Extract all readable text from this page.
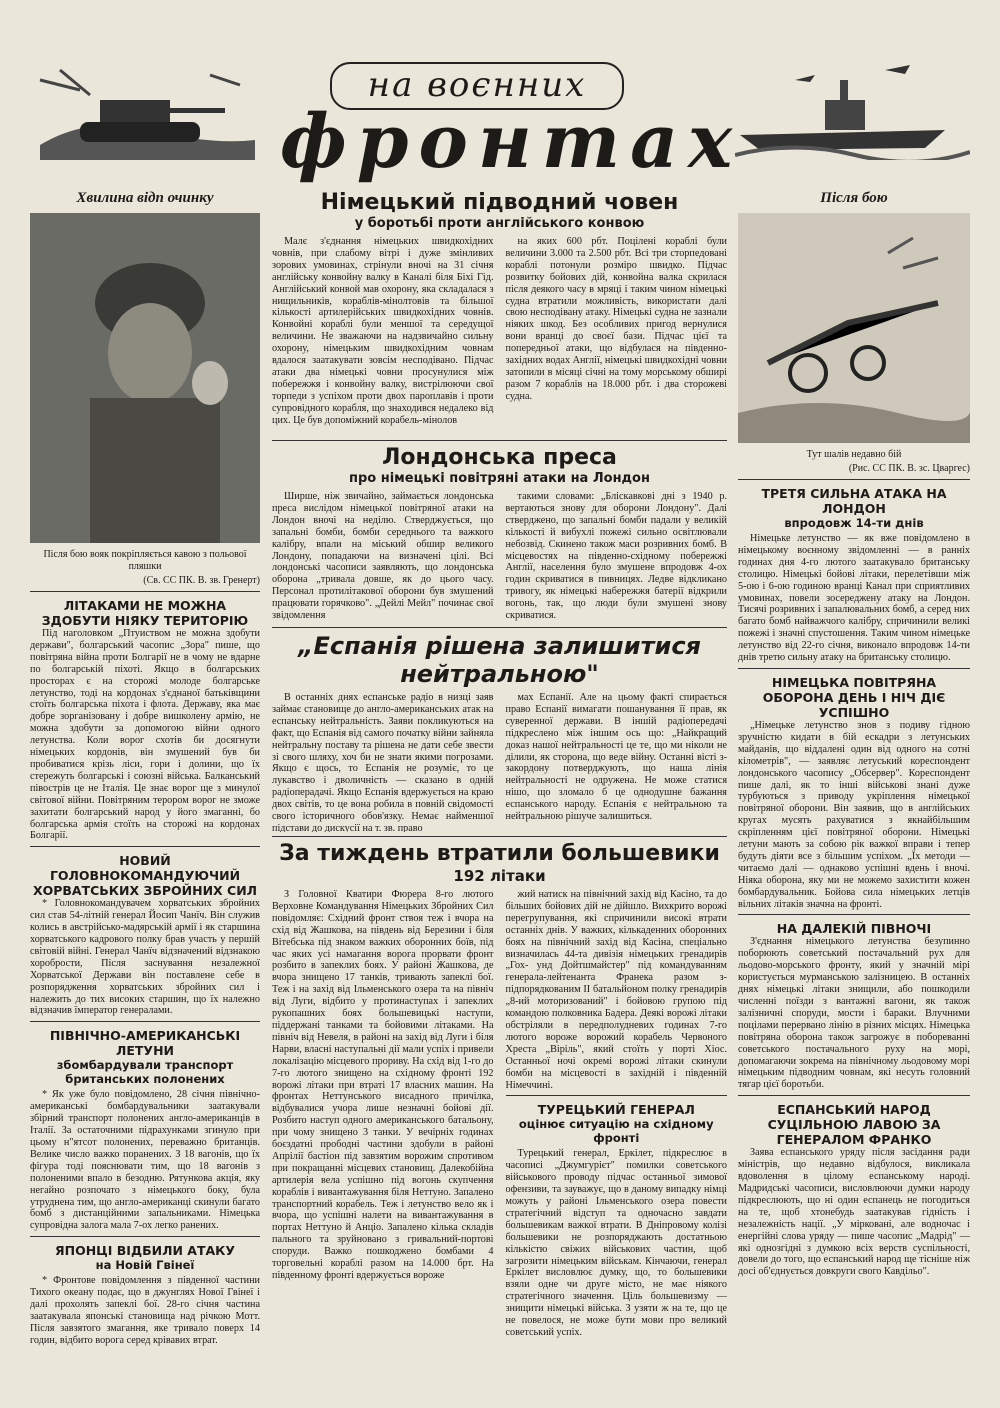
на воєнних
фронтах

Хвилина відп очинку

Після бою вояк покріпляється кавою з польової пляшки
(Св. СС ПК. В. зв. Гренерт)
ЛІТАКАМИ НЕ МОЖНА ЗДОБУТИ НІЯКУ ТЕРИТОРІЮ

Під наголовком „Птуиством не можна здобути держави", болгарський часопис „Зора" пише, що повітряна війна проти Болгарії не в чому не вдарне по болгарській піхоті. Якщо в болгарських просторах є на сторожі молоде болгарське летунство, тоді на кордонах з'єднаної батьківщини стоїть болгарська піхота і флота. Державу, яка має добре зорганізовану і добре вишколену армію, не можна здобути за допомогою війни одного летунства. Коли ворог схотів би досягнути німецьких кордонів, він змушений був би пробиватися крізь ліси, гори і долини, що їх стережуть болгарські і союзні війська. Балканський півострів це не Італія. Це знає ворог ще з минулої світової війни. Повітряним терором ворог не зможе захитати болгарський народ у його змаганні, бо болгарська армія стоїть на сторожі на кордонах Болгарії.

НОВИЙ ГОЛОВНОКОМАНДУЮЧИЙ ХОРВАТСЬКИХ ЗБРОЙНИХ СИЛ

* Головнокомандувачем хорватських збройних сил став 54-літній генерал Йосип Чанїч. Він служив колись в австрійсько-мадярській армії і як старшина хорватського кадрового полку брав участь у першій світовій війні. Генерал Чанїч відзначений відзнакою хоробрости, Після заснування незалежної Хорватської Держави він поставлене себе в розпорядження хорватських збройних сил і належить до тих високих старшин, що їх належно відзначив їмператор генералами.

ПІВНІЧНО-АМЕРИКАНСЬКІ ЛЕТУНИ
збомбардували транспорт британських полонених

* Як уже було повідомлено, 28 січня північно-американські бомбардувальники заатакували збірний транспорт полонених англо-американців в Італії. За остаточними підрахунками згинуло при цьому н"ятсот полонених, переважно британців. Велике число важко поранених. З 18 вагонів, що їх фігура тоді пояснювати тим, що 18 вагонів з полоненими впало в безодню. Рятункова акція, яку негайно розпочато з німецького боку, була утруднена тим, що англо-американці скинули багато бомб з дистанційними запальниками. Німецька супровідна залога мала 7-ох легко ранених.

ЯПОНЦІ ВІДБИЛИ АТАКУ
на Новій Гвінеї

* Фронтове повідомлення з південної частини Тихого океану подає, що в джунглях Нової Гвінеї і далі прохолять запеклі бої. 28-го січня частина заатакувала японські становища над річкою Мотт. Після завзятого змагання, яке тривало поверх 14 годин, відбито ворога серед крівавих втрат.

Німецький підводний човен
у боротьбі проти англійського конвою

Малє з'єднання німецьких швидкохідних човнів, при слабому вітрі і дуже змінливих зорових умовинах, стрінули вночі на 31 січня англійську конвойну валку в Каналі біля Біхі Гід. Англійський конвой мав охорону, яка складалася з нищильників, кораблів-мінолтовів та більшої кількості артилерійських швидкохідних човнів. Конвойні кораблі були меншої та середущої величини. Не зважаючи на надзвичайно сильну охорону, німецьким швидкохідним човнам вдалося заатакувати зовсім несподівано. Підчас атаки два німецькі човни просунулися між побережжя і конвойну валку, вистрілюючи свої торпеди з успіхом проти двох пароплавів і проти супровідного корабля, що знаходився недалеко від цих. Це був допоміжний корабель-мінолов

на яких 600 рбт. Поцілені кораблі були величини 3.000 та 2.500 рбт. Всі три сторпедовані кораблі потонули розміро швидко. Підчас розвитку бойових дій, конвойна валка скрилася після деякого часу в мряці і таким чином німецькі судна втратили можливість, використати далі свою несподівану атаку. Німецькі судна не зазнали ніяких шкод. Без особливих пригод вернулися вони вранці до своєї бази. Підчас цієї та попередньої атаки, що відбулася на південно-західних водах Англії, німецькі швидкохідні човни затопили в місяці січні на тому морському обширі разом 7 кораблів на 18.000 рбт. і два сторожеві судна.

Лондонська преса
про німецькі повітряні атаки на Лондон

Ширше, ніж звичайно, займається лондонська преса вислідом німецької повітряної атаки на Лондон вночі на неділю. Стверджується, що запальні бомби, бомби середнього та важкого калібру, впали на міський обшир великого Лондону, попадаючи на визначені цілі. Всі лондонські часописи заявляють, що лондонська оборона „тривала довше, як до цього часу. Персонал протилітакової оборони був змушений працювати горячково". „Дейлі Мейл" починає свої звідомлення

такими словами: „Бліскавкові дні з 1940 р. вертаються знову для оборони Лондону". Далі стверджено, що запальні бомби падали у великій кількості й вибухлі пожежі сильно освітлювали небозвід. Скинено також маси розривних бомб. В місцевостях на південно-східному побережжі Англії, населення було змушене впродовж 4-ох годин скриватися в пивницях. Ледве відкликано тривогу, як німецькі набережжя батерії відкрили вогонь, так, що люди були змушені знову скриватися.

„Еспанія рішена залишитися нейтральною"

В останніх днях еспанське радіо в низці заяв займає становище до англо-американських атак на еспанську нейтральність. Заяви покликуються на факт, що Еспанія від самого початку війни зайняла нейтральну поставу та рішена не дати себе звести зі свого шляху, хоч би не знати якими погрозами. Якщо є щось, то Еспанія не розуміє, то це лукавство і дволичність — сказано в одній радіоперадачі. Якщо Еспанія вдержується на краю двох світів, то це вона робила в повній свідомості свого історичного обов'язку. Немає найменшої підстави до дискусії на т. зв. право

мах Еспанії. Але на цьому факті спирається право Еспанії вимагати пошанування її прав, як суверенної держави. В іншій радіопередачі підкреслено між іншим ось що: „Найкращий доказ нашої нейтральності це те, що ми ніколи не ділили, як сторона, що веде війну. Останні вісті з-закордону потверджують, що наша лінія нейтральності не одружена. Не може статися нішо, що зломало б це однодушне бажання еспанського народу. Еспанія є нейтральною та нейтральною рішуче залишиться.

За тиждень втратили большевики
192 літаки

З Головної Кватири Фюрера 8-го лютого Верховне Командування Німецьких Збройних Сил повідомляє: Східний фронт ствоя теж і вчора на схід від Жашкова, на південь від Березини і біля Вітебська під знаком важких оборонних боїв, під час яких усі намагання ворога прорвати фронт розбито в запеклих боях. У районі Жашкова, де вчора знищено 17 танків, тривають запеклі бої. Теж і на захід від Ільменського озера та на північ від Луги, відбито у протинаступах і запеклих рукопашних боях большевицькі наступи, піддержані танками та бойовими літаками. На північ від Невеля, в районі на захід від Луги і біля Нарви, власні наступальні дії мали успіх і привели локалізацію місцевого прориву. На схід від 1-го до 7-го лютого знищено на східному фронті 192 ворожі літаки при втраті 17 власних машин. На фронтах Неттунського висадного причілка, відбувалися учора лише незначні бойові дії. Розбито наступ одного американського батальону, при чому знищено 3 танки. У вечірніх годинах боєздатні прободні частини здобули в районі Апрілії бастіон під завзятим ворожим спротивом при покращанні місцевих становищ. Далекобійна артилерія вела успішно під вогонь скупчення кораблів і вивантажування біля Неттуно. Запалено транспортний корабель. Теж і летунство вело як і вчора, що успішні налети на вивантажування в портах Неттуно й Анціо. Запалено кілька складів пального та зруйновано з гривальний-портові споруди. Важко пошкоджено бомбами 4 торговельні кораблі разом на 14.000 брт. На південному фронті вдержується вороже

жий натиск на північний захід від Касіно, та до більших бойових дій не дійшло. Вихкрито ворожі перегрупування, які спричинили високі втрати останніх днів. У важких, кількаденних оборонних боях на північний захід від Касіна, спеціально визначилась 44-та дивізія німецьких гренадирів „Гох- унд Дойтшмайстер" під командуванням генерала-лейтенанта Франека разом з-підпорядкованим ІІ батальйоном полку гренадирів „8-ий моторизований" і бойовою групою під командою полковника Бадера. Деякі ворожі літаки обстріляли в передполудневих годинах 7-го лютого вороже ворожий корабель Червоного Хреста „Віріль", який стоїть у порті Хіос. Останньої ночі окремі ворожі літаки скинули бомби на місцевості в західній і південній Німеччині.

ТУРЕЦЬКИЙ ГЕНЕРАЛ
оцінює ситуацію на східному фронті

Турецький генерал, Еркілет, підкреслює в часописі „Джумгурієт" помилки советського військового проводу підчас останньої зимової офензиви, та зауважує, що в даному випадку німці можуть у районі Ільменського озера повести стратегічний відступ та одночасно завдати большевикам важкої втрати. В Дніпровому колізі большевики не розпоряджають достатньою кількістю свіжих військових частин, щоб загрозити німецьким військам. Кінчаючи, генерал Еркілет висловлює думку, що, то большевики взяли одне чи друге місто, не має ніякого стратегічного значення. Ціль большевизму — знищити німецькі війська. З узяти ж на те, що це не повелося, не може бути мови про великий советський успіх.

Після бою

Тут шалів недавно бій
(Рис. СС ПК. В. зс. Цваргес)
ТРЕТЯ СИЛЬНА АТАКА НА ЛОНДОН
впродовж 14-ти днів

Німецьке летунство — як вже повідомлено в німецькому воєнному звідомленні — в ранніх годинах дня 4-го лютого заатакувало британську столицю. Німецькі бойові літаки, перелетівши між 5-ою і 6-ою годиною вранці Канал при сприятливих умовинах, повели зосереджену атаку на Лондон. Тисячі розривних і запалювальних бомб, а серед них багато бомб найважчого калібру, спричинили великі пожежі і значні спустошення. Таким чином німецьке летунство від 22-го січня, виконало впродовж 14-ти днів третю сильну атаку на британську столицю.

НІМЕЦЬКА ПОВІТРЯНА ОБОРОНА ДЕНЬ І НІЧ ДІЄ УСПІШНО

„Німецьке летунство знов з подиву гідною зручністю кидати в бій ескадри з летунських майданів, що віддалені один від одного на сотні кілометрів", — заявляє летуський кореспондент лондонського часопису „Обсервер". Кореспондент пише далі, як то інші військові знані дуже турбуються з приводу укріплення німецької повітряної оборони. Він заявив, що в англійських кругах мусять рахуватися з якнайбільшим скріпленням цієї повітряної оборони. Німецькі летуни мають за собою рік важкої вправи і тепер будуть діяти все з більшим успіхом. „Їх методи — читаємо далі — однаково успішні вдень і вночі. Ніяка оборона, яку ми не можемо захистити кожен бомбардувальник. Бойова сила німецьких летців вільних літаків значна на фронті.

НА ДАЛЕКІЙ ПІВНОЧІ

З'єднання німецького летунства безупинно поборюють советський постачальний рух для льодово-морського фронту, який у значній мірі користується мурманською залізницею. В останніх днях німецькі літаки знищили, або пошкодили численні поїзди з вантажні вагони, як також залізничні споруди, мости і бараки. Влучними поцілами перервано лінію в різних місцях. Німецька повітряна оборона також загрожує в побореванні советського постачального руху на морі, допомагаючи зокрема на північному льодовому морі німецьким підводним човнам, які несуть головний тягар цієї боротьби.

ЕСПАНСЬКИЙ НАРОД СУЦІЛЬНОЮ ЛАВОЮ ЗА ГЕНЕРАЛОМ ФРАНКО

Заява еспанського уряду після засідання ради міністрів, що недавно відбулося, викликала вдоволення в цілому еспанському народі. Мадридські часописи, висловлюючи думки народу підкреслюють, що ні один еспанець не погодиться на те, щоб хтонебудь заатакував гідність і незалежність нації. „У мірковані, але водночас і енергійні слова уряду — пише часопис „Мадрід" — які однозгідні з думкою всіх верств суспільності, довели до того, що еспанський народ ще тісніше ніж досі об'єднується довкруги свого Кавдільо".
